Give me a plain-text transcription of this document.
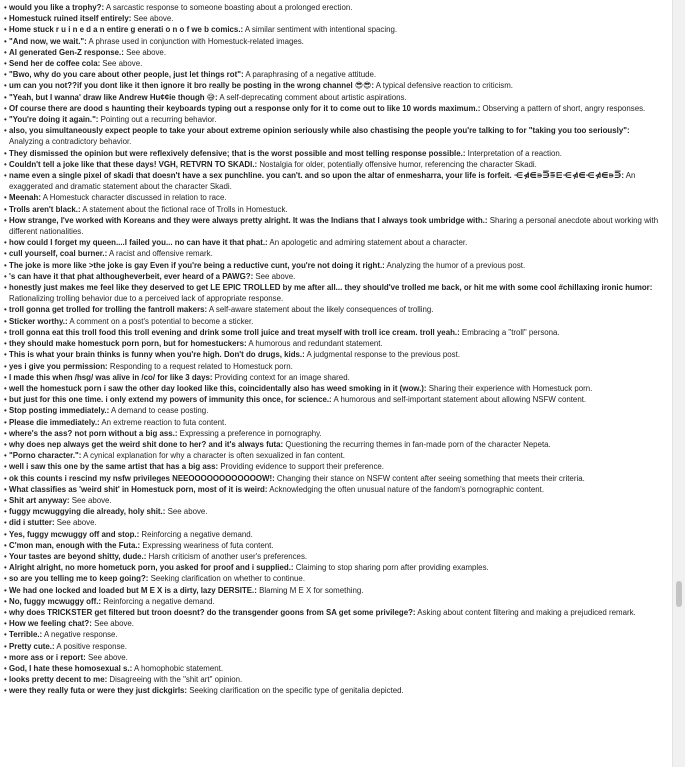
• would you like a trophy?: A sarcastic response to someone boasting about a prolonged erection.
• Homestuck ruined itself entirely: See above.
• Home stuck r u i n e d a n entire g enerati o n o f we b comics.: A similar sentiment with intentional spacing.
• "And now, we wait.": A phrase used in conjunction with Homestuck-related images.
• AI generated Gen-Z response.: See above.
• Send her de coffee cola: See above.
• "Bwo, why do you care about other people, just let things rot": A paraphrasing of a negative attitude.
• um can you not??if you dont like it then ignore it bro really be posting in the wrong channel 😎😎: A typical defensive reaction to criticism.
• "Yeah, but I wanna' draw like Andrew Hu¢¢ie though 😅: A self-deprecating comment about artistic aspirations.
• Of course there are dood s haunting their keyboards typing out a response only for it to come out to like 10 words maximum.: Observing a pattern of short, angry responses.
• "You're doing it again.": Pointing out a recurring behavior.
• also, you simultaneously expect people to take your about extreme opinion seriously while also chastising the people you're talking to for "taking you too seriously": Analyzing a contradictory behavior.
• They dismissed the opinion but were reflexively defensive; that is the worst possible and most telling response possible.: Interpretation of a reaction.
• Couldn't tell a joke like that these days! VGH, RETVRN TO SKADI.: Nostalgia for older, potentially offensive humor, referencing the character Skadi.
• name even a single pixel of skadi that doesn't have a sex punchline. you can't. and so upon the altar of enmesharra, your life is forfeit. ⋲⋪⋹⋼⋽⋾⋿⋲⋪⋹⋲⋪⋹⋼⋽: An exaggerated and dramatic statement about the character Skadi.
• Meenah: A Homestuck character discussed in relation to race.
• Trolls aren't black.: A statement about the fictional race of Trolls in Homestuck.
• How strange, I've worked with Koreans and they were always pretty alright. It was the Indians that I always took umbridge with.: Sharing a personal anecdote about working with different nationalities.
• how could I forget my queen....I failed you... no can have it that phat.: An apologetic and admiring statement about a character.
• cull yourself, coal burner.: A racist and offensive remark.
• The joke is more like >the joke is gay Even if you're being a reductive cunt, you're not doing it right.: Analyzing the humor of a previous post.
• 's can have it that phat althougheverbeit, ever heard of a PAWG?: See above.
• honestly just makes me feel like they deserved to get LE EPIC TROLLED by me after all... they should've trolled me back, or hit me with some cool #chillaxing ironic humor: Rationalizing trolling behavior due to a perceived lack of appropriate response.
• troll gonna get trolled for trolling the fantroll makers: A self-aware statement about the likely consequences of trolling.
• Sticker worthy.: A comment on a post's potential to become a sticker.
• troll gonna eat this troll food this troll evening and drink some troll juice and treat myself with troll ice cream. troll yeah.: Embracing a "troll" persona.
• they should make homestuck porn porn, but for homestuckers: A humorous and redundant statement.
• This is what your brain thinks is funny when you're high. Don't do drugs, kids.: A judgmental response to the previous post.
• yes i give you permission: Responding to a request related to Homestuck porn.
• I made this when /hsg/ was alive in /co/ for like 3 days: Providing context for an image shared.
• well the homestuck porn i saw the other day looked like this, coincidentally also has weed smoking in it (wow.): Sharing their experience with Homestuck porn.
• but just for this one time. i only extend my powers of immunity this once, for science.: A humorous and self-important statement about allowing NSFW content.
• Stop posting immediately.: A demand to cease posting.
• Please die immediately.: An extreme reaction to futa content.
• where's the ass? not porn without a big ass.: Expressing a preference in pornography.
• why does nep always get the weird shit done to her? and it's always futa: Questioning the recurring themes in fan-made porn of the character Nepeta.
• "Porno character.": A cynical explanation for why a character is often sexualized in fan content.
• well i saw this one by the same artist that has a big ass: Providing evidence to support their preference.
• ok this counts i rescind my nsfw privileges NEEOOOOOOOOOOOOW!: Changing their stance on NSFW content after seeing something that meets their criteria.
• What classifies as 'weird shit' in Homestuck porn, most of it is weird: Acknowledging the often unusual nature of the fandom's pornographic content.
• Shit art anyway: See above.
• fuggy mcwuggying die already, holy shit.: See above.
• did i stutter: See above.
• Yes, fuggy mcwuggy off and stop.: Reinforcing a negative demand.
• C'mon man, enough with the Futa.: Expressing weariness of futa content.
• Your tastes are beyond shitty, dude.: Harsh criticism of another user's preferences.
• Alright alright, no more hometuck porn, you asked for proof and i supplied.: Claiming to stop sharing porn after providing examples.
• so are you telling me to keep going?: Seeking clarification on whether to continue.
• We had one locked and loaded but M E X is a dirty, lazy DERSITE.: Blaming M E X for something.
• No, fuggy mcwuggy off.: Reinforcing a negative demand.
• why does TRICKSTER get filtered but troon doesnt? do the transgender goons from SA get some privilege?: Asking about content filtering and making a prejudiced remark.
• How we feeling chat?: See above.
• Terrible.: A negative response.
• Pretty cute.: A positive response.
• more ass or i report: See above.
• God, I hate these homosexual s.: A homophobic statement.
• looks pretty decent to me: Disagreeing with the "shit art" opinion.
• were they really futa or were they just dickgirls: Seeking clarification on the specific type of genitalia depicted.
